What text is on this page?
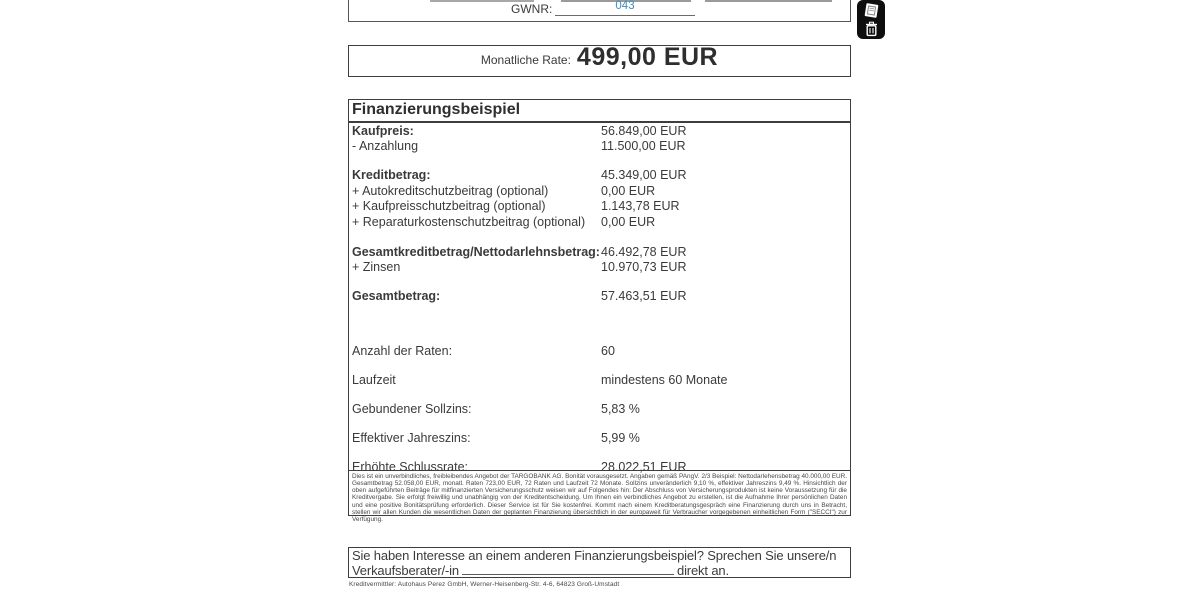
GWNR:	043
Monatliche Rate: 499,00 EUR
Finanzierungsbeispiel
Kaufpreis:	56.849,00 EUR
- Anzahlung	11.500,00 EUR
Kreditbetrag:	45.349,00 EUR
+ Autokreditschutzbeitrag (optional)	0,00 EUR
+ Kaufpreisschutzbeitrag (optional)	1.143,78 EUR
+ Reparaturkostenschutzbeitrag (optional) 0,00 EUR
Gesamtkreditbetrag/Nettodarlehnsbetrag: 46.492,78 EUR
+ Zinsen	10.970,73 EUR
Gesamtbetrag:	57.463,51 EUR
Anzahl der Raten:	60
Laufzeit	mindestens 60 Monate
Gebundener Sollzins:	5,83 %
Effektiver Jahreszins:	5,99 %
Erhöhte Schlussrate:	28.022,51 EUR
Dies ist ein unverbindliches, freibleibendes Angebot der TARGOBANK AG. Bonität vorausgesetzt. Angaben gemäß PAngV. 2/3 Beispiel: Nettodarlehensbetrag 40.000,00 EUR. Gesamtbetrag 52.058,00 EUR, monatl. Raten 723,00 EUR, 72 Raten und Laufzeit 72 Monate. Sollzins unveränderlich 9,10 %, effektiver Jahreszins 9,49 %. Hinsichtlich der oben aufgeführten Beiträge für mitfinanzierten Versicherungsschutz weisen wir auf Folgendes hin: Der Abschluss von Versicherungsprodukten ist keine Voraussetzung für die Kreditvergabe. Sie erfolgt freiwillig und unabhängig von der Kreditentscheidung. Um Ihnen ein verbindliches Angebot zu erstellen, ist die Aufnahme Ihrer persönlichen Daten und eine positive Bonitätsprüfung erforderlich. Dieser Service ist für Sie kostenfrei. Kommt nach einem Kreditberatungsgespräch eine Finanzierung durch uns in Betracht, stellen wir allen Kunden die wesentlichen Daten der geplanten Finanzierung übersichtlich in der europaweit für Verbraucher vorgegebenen einheitlichen Form ("SECCI") zur Verfügung.
Sie haben Interesse an einem anderen Finanzierungsbeispiel? Sprechen Sie unsere/n
Verkaufsberater/-in	direkt an.
Kreditvermittler: Autohaus Perez GmbH, Werner-Heisenberg-Str. 4-6, 64823 Groß-Umstadt
